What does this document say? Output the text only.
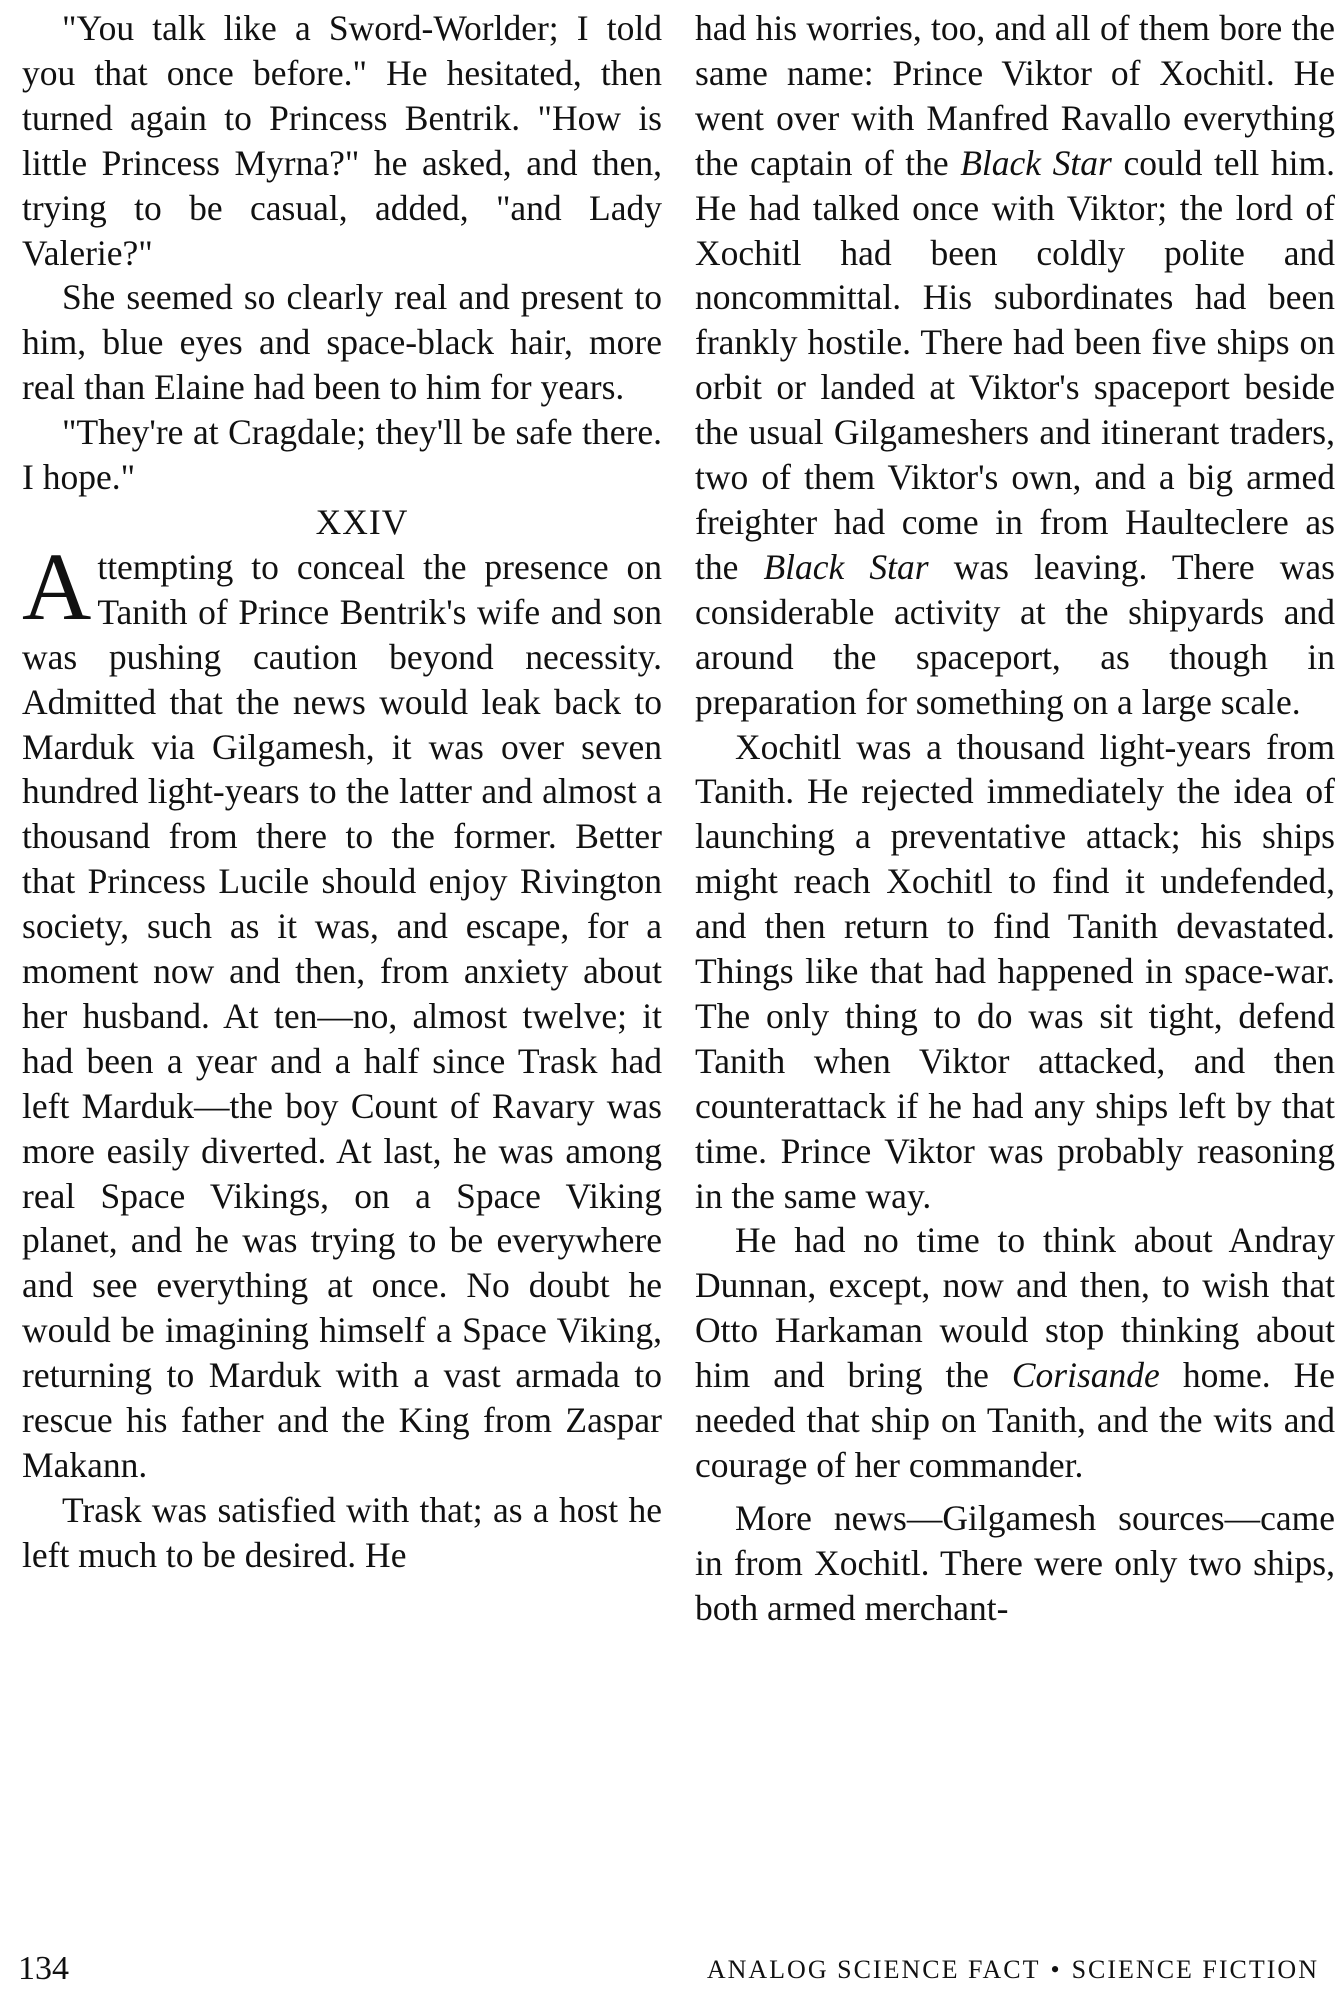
"You talk like a Sword-Worlder; I told you that once before." He hesitated, then turned again to Princess Bentrik. "How is little Princess Myrna?" he asked, and then, trying to be casual, added, "and Lady Valerie?"

She seemed so clearly real and present to him, blue eyes and space-black hair, more real than Elaine had been to him for years.

"They're at Cragdale; they'll be safe there. I hope."

XXIV

Attempting to conceal the presence on Tanith of Prince Bentrik's wife and son was pushing caution beyond necessity. Admitted that the news would leak back to Marduk via Gilgamesh, it was over seven hundred light-years to the latter and almost a thousand from there to the former. Better that Princess Lucile should enjoy Rivington society, such as it was, and escape, for a moment now and then, from anxiety about her husband. At ten—no, almost twelve; it had been a year and a half since Trask had left Marduk—the boy Count of Ravary was more easily diverted. At last, he was among real Space Vikings, on a Space Viking planet, and he was trying to be everywhere and see everything at once. No doubt he would be imagining himself a Space Viking, returning to Marduk with a vast armada to rescue his father and the King from Zaspar Makann.

Trask was satisfied with that; as a host he left much to be desired. He

had his worries, too, and all of them bore the same name: Prince Viktor of Xochitl. He went over with Manfred Ravallo everything the captain of the Black Star could tell him. He had talked once with Viktor; the lord of Xochitl had been coldly polite and noncommittal. His subordinates had been frankly hostile. There had been five ships on orbit or landed at Viktor's spaceport beside the usual Gilgameshers and itinerant traders, two of them Viktor's own, and a big armed freighter had come in from Haulteclere as the Black Star was leaving. There was considerable activity at the shipyards and around the spaceport, as though in preparation for something on a large scale.

Xochitl was a thousand light-years from Tanith. He rejected immediately the idea of launching a preventative attack; his ships might reach Xochitl to find it undefended, and then return to find Tanith devastated. Things like that had happened in space-war. The only thing to do was sit tight, defend Tanith when Viktor attacked, and then counterattack if he had any ships left by that time. Prince Viktor was probably reasoning in the same way.

He had no time to think about Andray Dunnan, except, now and then, to wish that Otto Harkaman would stop thinking about him and bring the Corisande home. He needed that ship on Tanith, and the wits and courage of her commander.

More news—Gilgamesh sources—came in from Xochitl. There were only two ships, both armed merchant-

134	ANALOG SCIENCE FACT • SCIENCE FICTION
